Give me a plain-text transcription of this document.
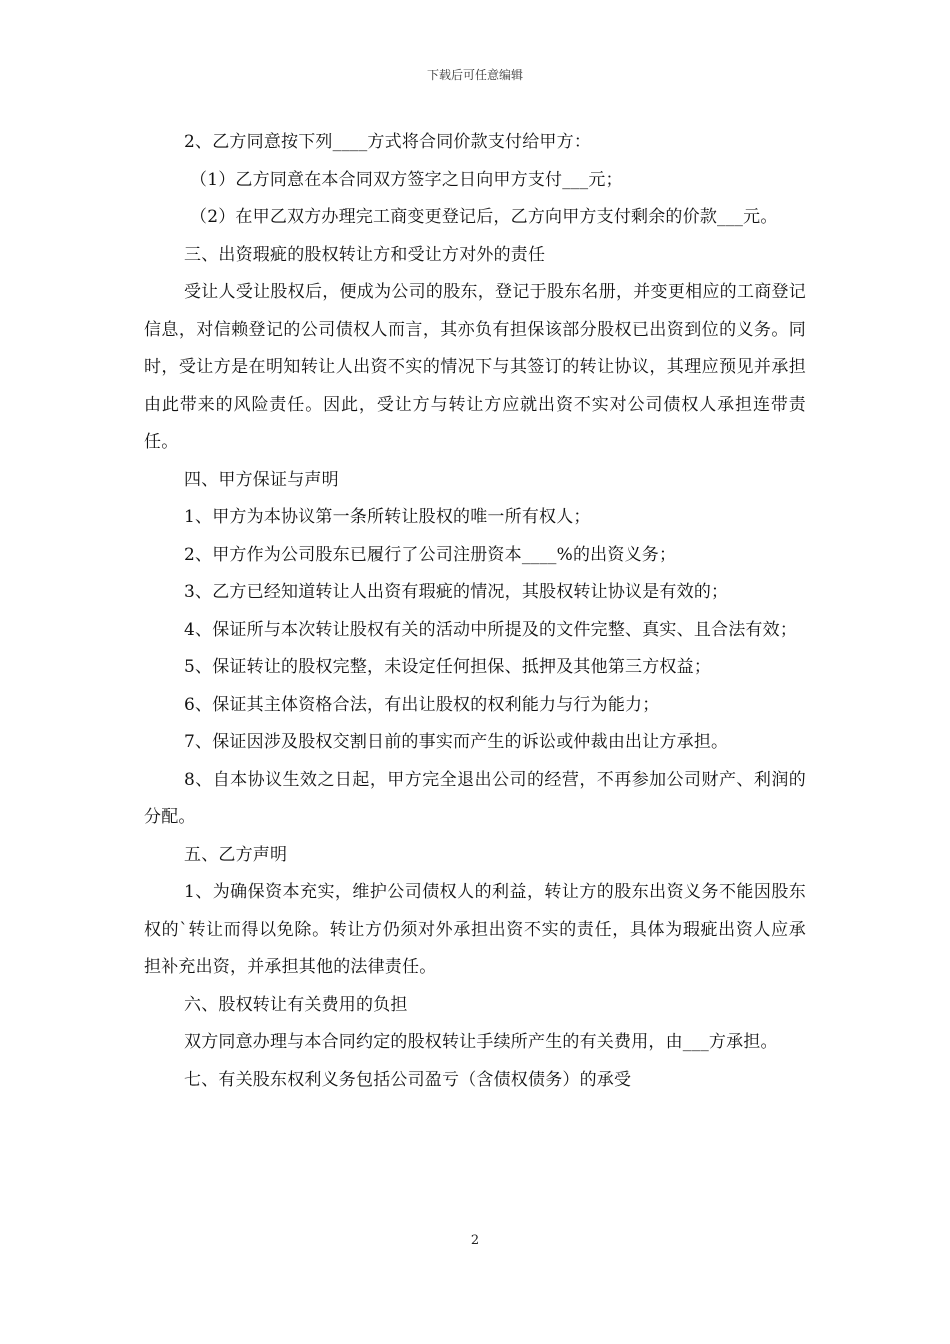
下载后可任意编辑

2、乙方同意按下列____方式将合同价款支付给甲方：

（1）乙方同意在本合同双方签字之日向甲方支付___元；

（2）在甲乙双方办理完工商变更登记后，乙方向甲方支付剩余的价款___元。

三、出资瑕疵的股权转让方和受让方对外的责任

受让人受让股权后，便成为公司的股东，登记于股东名册，并变更相应的工商登记信息，对信赖登记的公司债权人而言，其亦负有担保该部分股权已出资到位的义务。同时，受让方是在明知转让人出资不实的情况下与其签订的转让协议，其理应预见并承担由此带来的风险责任。因此，受让方与转让方应就出资不实对公司债权人承担连带责任。

四、甲方保证与声明

1、甲方为本协议第一条所转让股权的唯一所有权人；

2、甲方作为公司股东已履行了公司注册资本____%的出资义务；

3、乙方已经知道转让人出资有瑕疵的情况，其股权转让协议是有效的；

4、保证所与本次转让股权有关的活动中所提及的文件完整、真实、且合法有效；

5、保证转让的股权完整，未设定任何担保、抵押及其他第三方权益；

6、保证其主体资格合法，有出让股权的权利能力与行为能力；

7、保证因涉及股权交割日前的事实而产生的诉讼或仲裁由出让方承担。

8、自本协议生效之日起，甲方完全退出公司的经营，不再参加公司财产、利润的分配。

五、乙方声明

1、为确保资本充实，维护公司债权人的利益，转让方的股东出资义务不能因股东权的`转让而得以免除。转让方仍须对外承担出资不实的责任，具体为瑕疵出资人应承担补充出资，并承担其他的法律责任。

六、股权转让有关费用的负担

双方同意办理与本合同约定的股权转让手续所产生的有关费用，由___方承担。

七、有关股东权利义务包括公司盈亏（含债权债务）的承受

2
